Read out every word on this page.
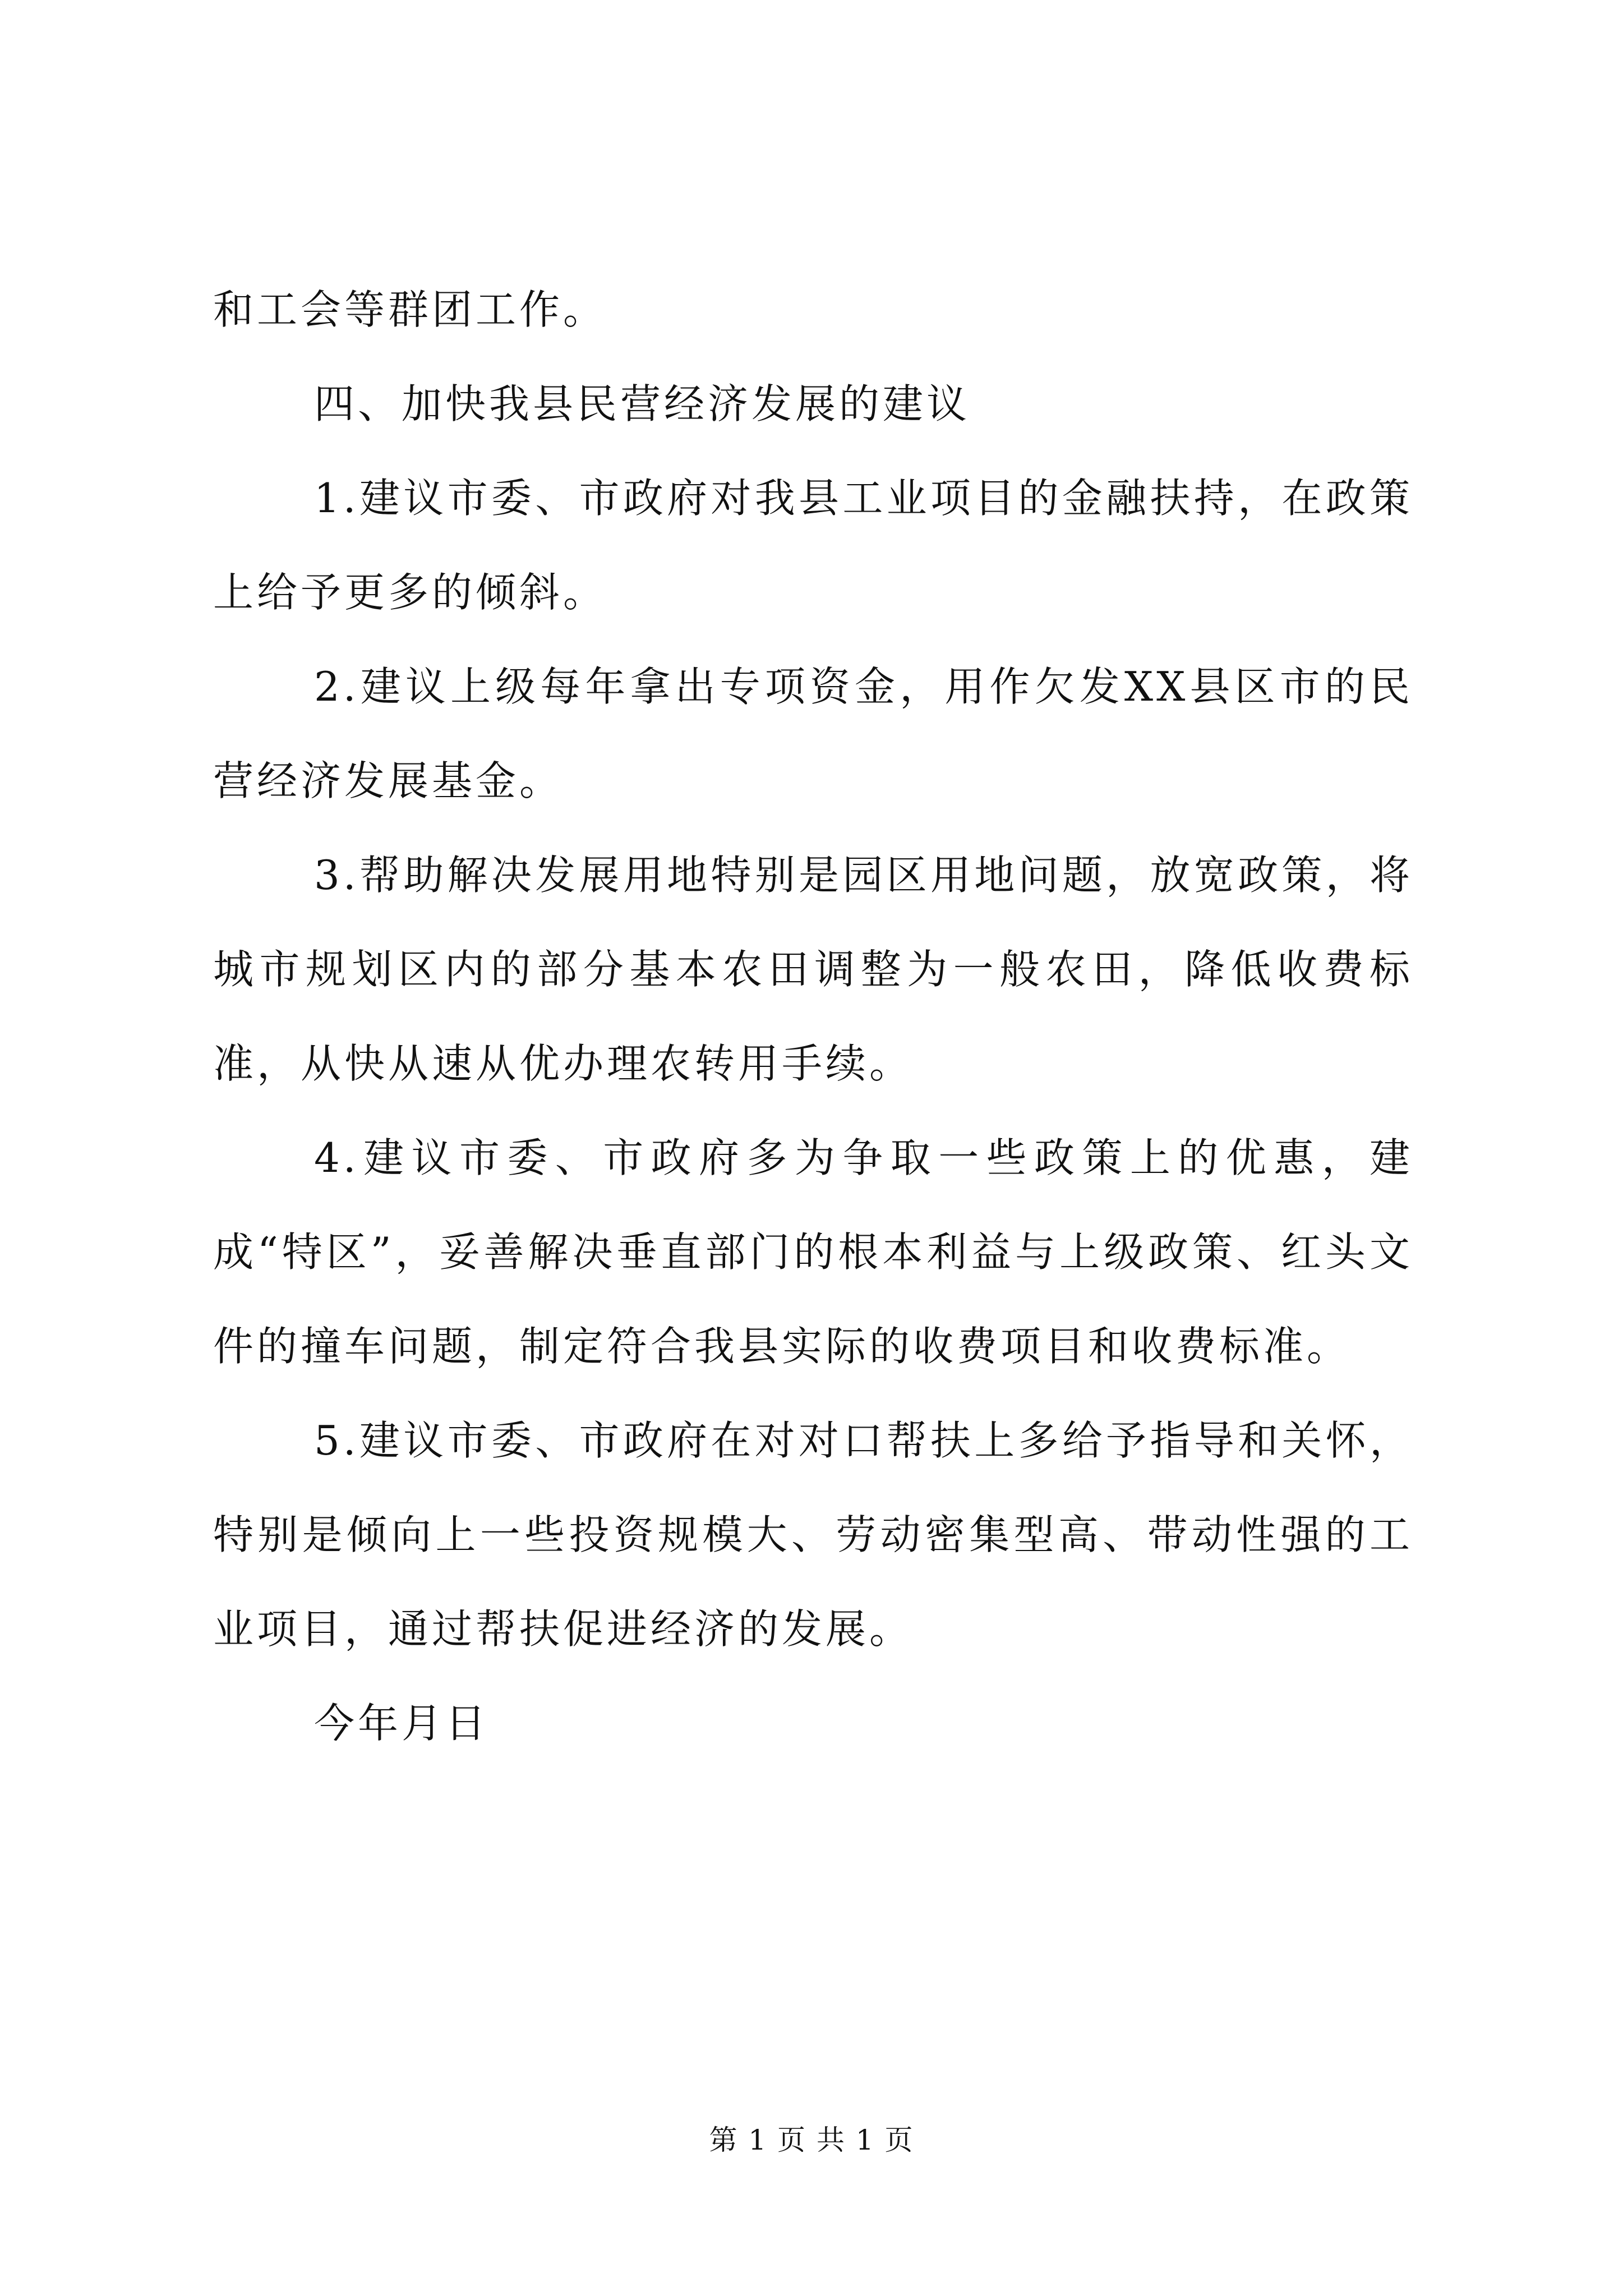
和工会等群团工作。

四、加快我县民营经济发展的建议

1.建议市委、市政府对我县工业项目的金融扶持，在政策上给予更多的倾斜。

2.建议上级每年拿出专项资金，用作欠发XX县区市的民营经济发展基金。

3.帮助解决发展用地特别是园区用地问题，放宽政策，将城市规划区内的部分基本农田调整为一般农田，降低收费标准，从快从速从优办理农转用手续。

4.建议市委、市政府多为争取一些政策上的优惠，建成“特区”，妥善解决垂直部门的根本利益与上级政策、红头文件的撞车问题，制定符合我县实际的收费项目和收费标准。

5.建议市委、市政府在对对口帮扶上多给予指导和关怀，特别是倾向上一些投资规模大、劳动密集型高、带动性强的工业项目，通过帮扶促进经济的发展。

今年月日

第 1 页 共 1 页
